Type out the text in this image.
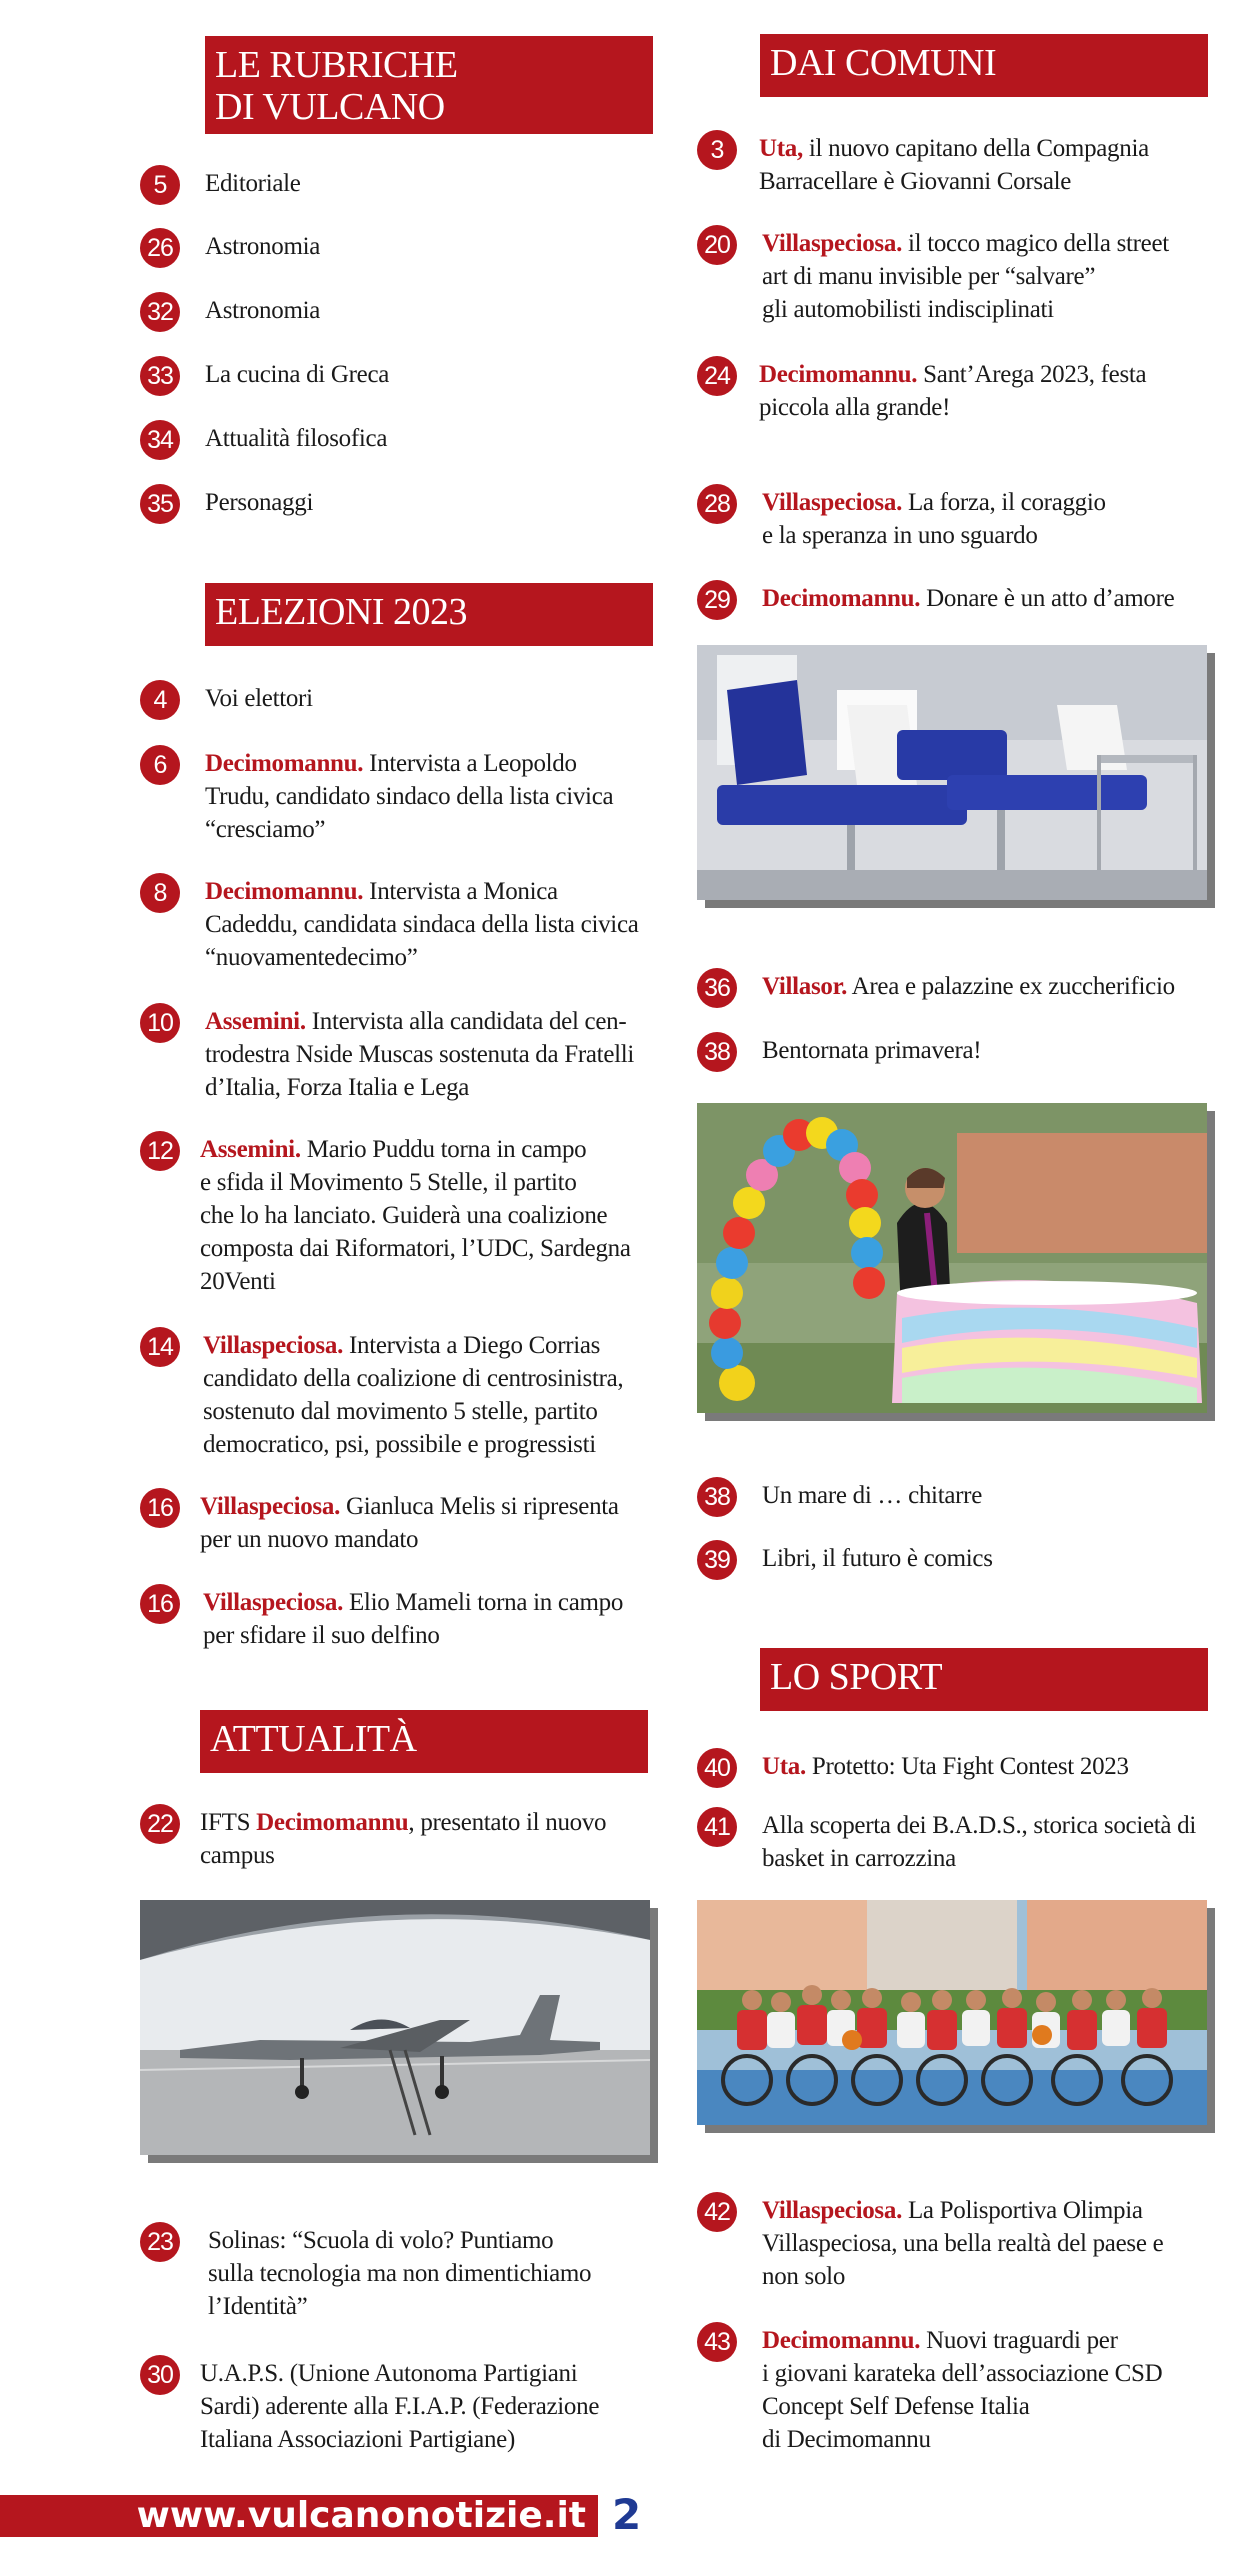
LE RUBRICHE
DI VULCANO
DAI COMUNI
ELEZIONI 2023
ATTUALITÀ
LO SPORT
5	Editoriale
26 Astronomia
32 Astronomia
33 La cucina di Greca
34 Attualità filosofica
35 Personaggi
4	Voi elettori
6	Decimomannu. Intervista a Leopoldo
Trudu, candidato sindaco della lista civica
“cresciamo”
8	Decimomannu. Intervista a Monica
Cadeddu, candidata sindaca della lista civica
“nuovamentedecimo”
10 Assemini. Intervista alla candidata del cen-
trodestra Nside Muscas sostenuta da Fratelli
d’Italia, Forza Italia e Lega
12 Assemini. Mario Puddu torna in campo
e sfida il Movimento 5 Stelle, il partito
che lo ha lanciato. Guiderà una coalizione
composta dai Riformatori, l’UDC, Sardegna
20Venti
14 Villaspeciosa. Intervista a Diego Corrias
candidato della coalizione di centrosinistra,
sostenuto dal movimento 5 stelle, partito
democratico, psi, possibile e progressisti
16 Villaspeciosa. Gianluca Melis si ripresenta
per un nuovo mandato
16 Villaspeciosa. Elio Mameli torna in campo
per sfidare il suo delfino
22 IFTS Decimomannu, presentato il nuovo
campus
23 Solinas: “Scuola di volo? Puntiamo
sulla tecnologia ma non dimentichiamo
l’Identità”
30 U.A.P.S. (Unione Autonoma Partigiani
Sardi) aderente alla F.I.A.P. (Federazione
Italiana Associazioni Partigiane)
3	Uta, il nuovo capitano della Compagnia
Barracellare è Giovanni Corsale
20 Villaspeciosa. il tocco magico della street
art di manu invisible per “salvare”
gli automobilisti indisciplinati
24 Decimomannu. Sant’Arega 2023, festa
piccola alla grande!
28 Villaspeciosa. La forza, il coraggio
e la speranza in uno sguardo
29 Decimomannu. Donare è un atto d’amore
36 Villasor. Area e palazzine ex zuccherificio
38 Bentornata primavera!
38 Un mare di … chitarre
39 Libri, il futuro è comics
40 Uta. Protetto: Uta Fight Contest 2023
41 Alla scoperta dei B.A.D.S., storica società di
basket in carrozzina
42 Villaspeciosa. La Polisportiva Olimpia
Villaspeciosa, una bella realtà del paese e
non solo
43 Decimomannu. Nuovi traguardi per
i giovani karateka dell’associazione CSD
Concept Self Defense Italia
di Decimomannu
www.vulcanonotizie.it 2
